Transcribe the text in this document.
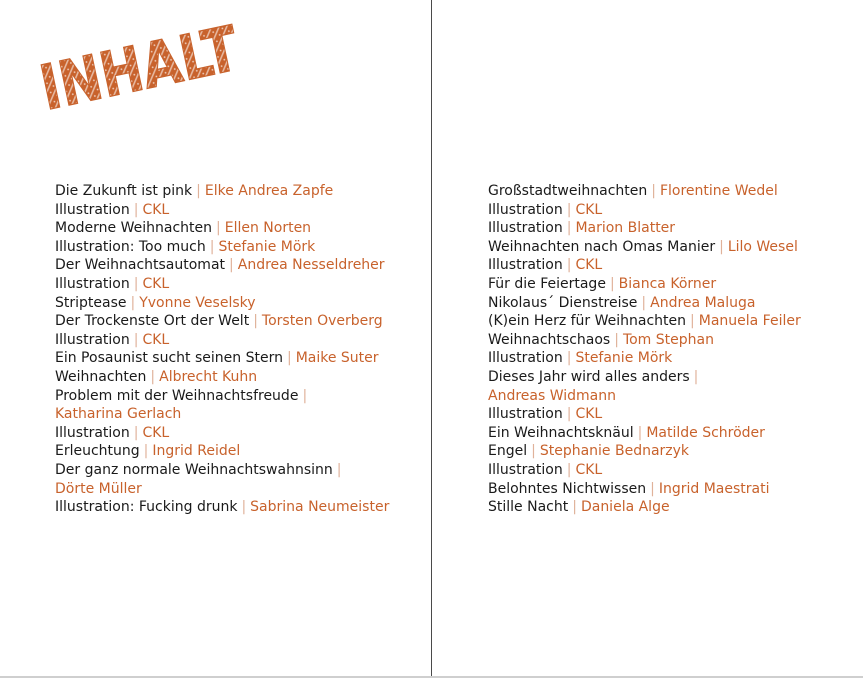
INHALT
Die Zukunft ist pink | Elke Andrea Zapfe
Illustration | CKL
Moderne Weihnachten | Ellen Norten
Illustration: Too much | Stefanie Mörk
Der Weihnachtsautomat | Andrea Nesseldreher
Illustration | CKL
Striptease | Yvonne Veselsky
Der Trockenste Ort der Welt | Torsten Overberg
Illustration | CKL
Ein Posaunist sucht seinen Stern | Maike Suter
Weihnachten | Albrecht Kuhn
Problem mit der Weihnachtsfreude |
Katharina Gerlach
Illustration | CKL
Erleuchtung | Ingrid Reidel
Der ganz normale Weihnachtswahnsinn |
Dörte Müller
Illustration: Fucking drunk | Sabrina Neumeister
Großstadtweihnachten | Florentine Wedel
Illustration | CKL
Illustration | Marion Blatter
Weihnachten nach Omas Manier | Lilo Wesel
Illustration | CKL
Für die Feiertage | Bianca Körner
Nikolaus´ Dienstreise | Andrea Maluga
(K)ein Herz für Weihnachten | Manuela Feiler
Weihnachtschaos | Tom Stephan
Illustration | Stefanie Mörk
Dieses Jahr wird alles anders |
Andreas Widmann
Illustration | CKL
Ein Weihnachtsknäul | Matilde Schröder
Engel | Stephanie Bednarzyk
Illustration | CKL
Belohntes Nichtwissen | Ingrid Maestrati
Stille Nacht | Daniela Alge
